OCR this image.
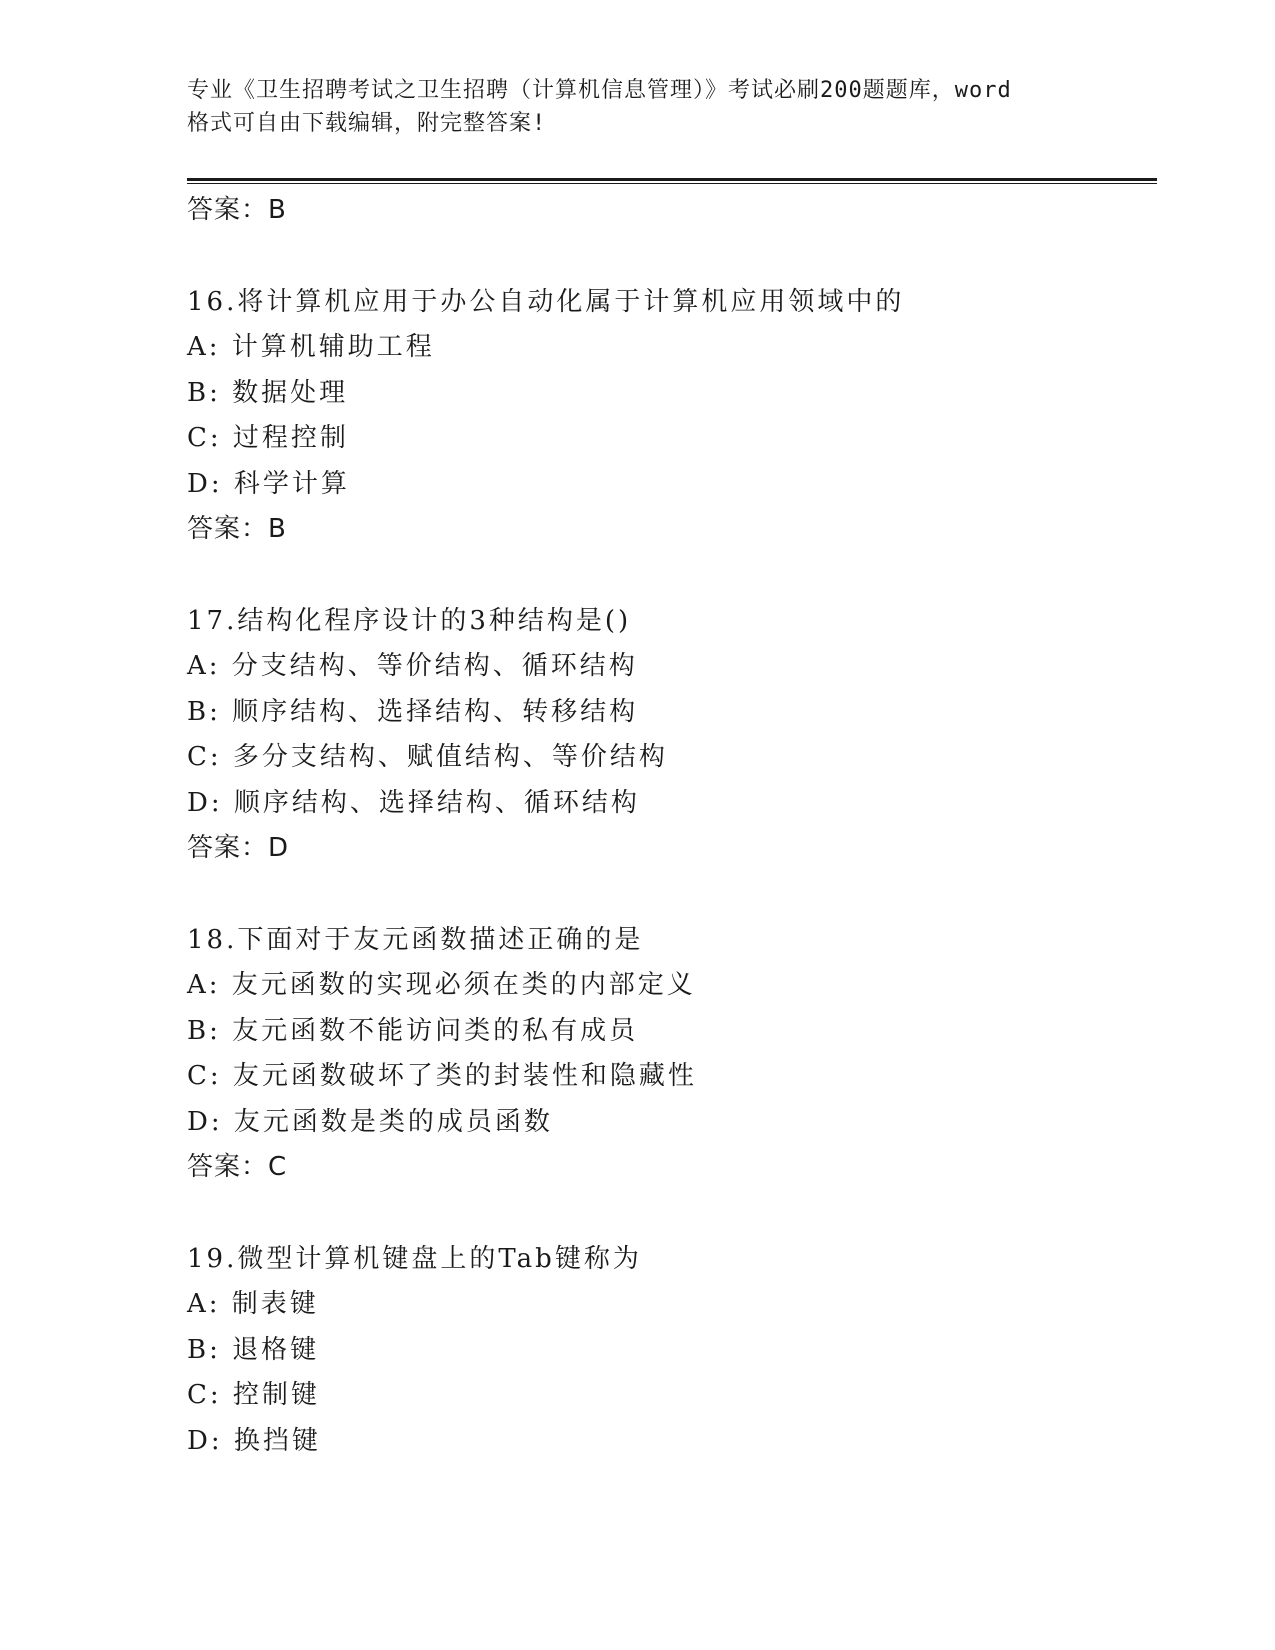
专业《卫生招聘考试之卫生招聘（计算机信息管理）》考试必刷200题题库，word
格式可自由下载编辑，附完整答案!
答案：B
16.将计算机应用于办公自动化属于计算机应用领域中的
A: 计算机辅助工程
B: 数据处理
C: 过程控制
D: 科学计算
答案：B
17.结构化程序设计的3种结构是()
A: 分支结构、等价结构、循环结构
B: 顺序结构、选择结构、转移结构
C: 多分支结构、赋值结构、等价结构
D: 顺序结构、选择结构、循环结构
答案：D
18.下面对于友元函数描述正确的是
A: 友元函数的实现必须在类的内部定义
B: 友元函数不能访问类的私有成员
C: 友元函数破坏了类的封装性和隐藏性
D: 友元函数是类的成员函数
答案：C
19.微型计算机键盘上的Tab键称为
A: 制表键
B: 退格键
C: 控制键
D: 换挡键
